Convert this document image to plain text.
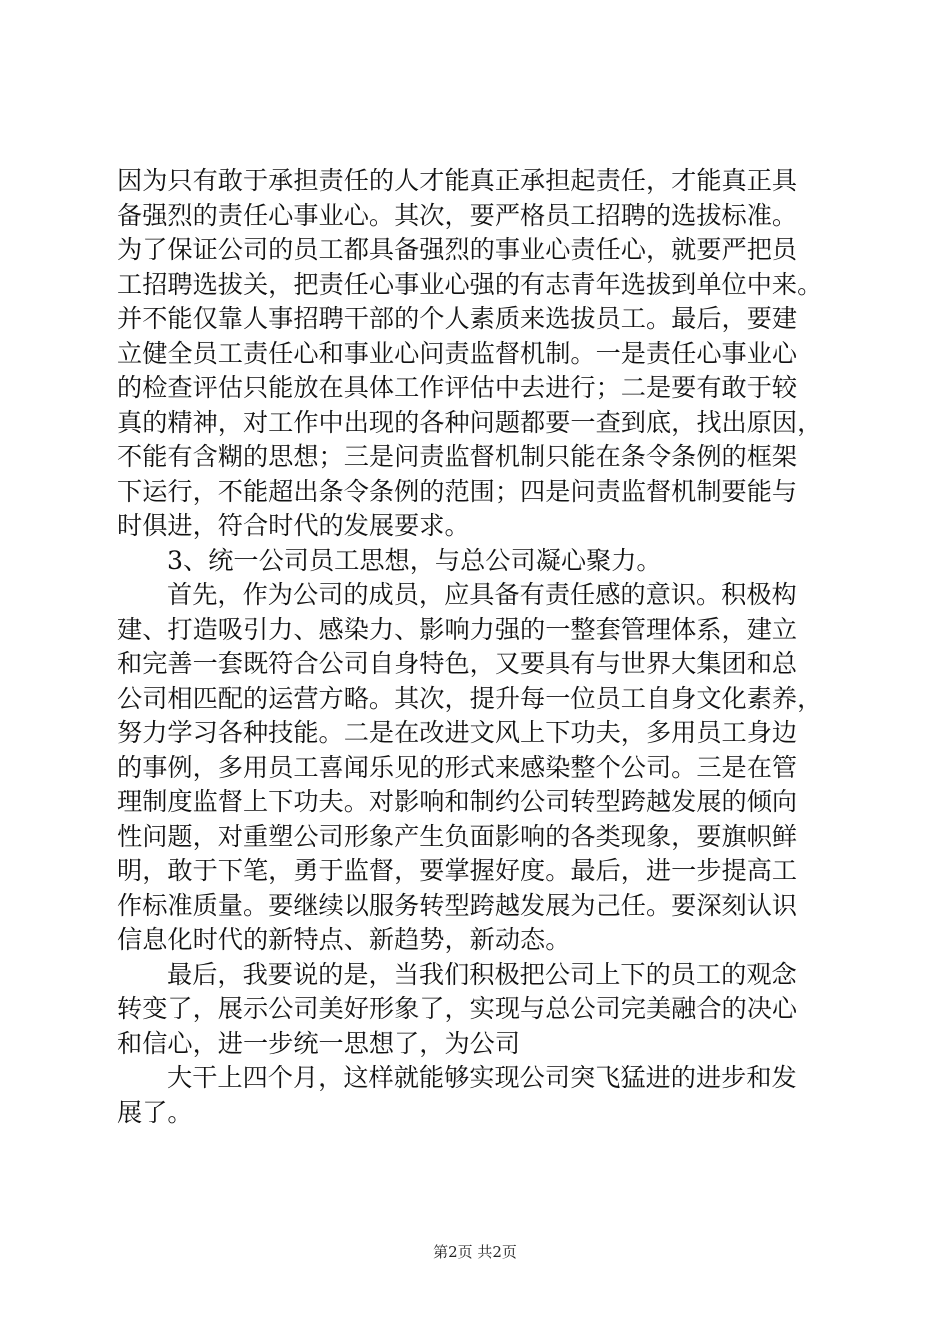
因为只有敢于承担责任的人才能真正承担起责任，才能真正具
备强烈的责任心事业心。其次，要严格员工招聘的选拔标准。
为了保证公司的员工都具备强烈的事业心责任心，就要严把员
工招聘选拔关，把责任心事业心强的有志青年选拔到单位中来。
并不能仅靠人事招聘干部的个人素质来选拔员工。最后，要建
立健全员工责任心和事业心问责监督机制。一是责任心事业心
的检查评估只能放在具体工作评估中去进行；二是要有敢于较
真的精神，对工作中出现的各种问题都要一查到底，找出原因，
不能有含糊的思想；三是问责监督机制只能在条令条例的框架
下运行，不能超出条令条例的范围；四是问责监督机制要能与
时俱进，符合时代的发展要求。
3、统一公司员工思想，与总公司凝心聚力。
首先，作为公司的成员，应具备有责任感的意识。积极构
建、打造吸引力、感染力、影响力强的一整套管理体系，建立
和完善一套既符合公司自身特色，又要具有与世界大集团和总
公司相匹配的运营方略。其次，提升每一位员工自身文化素养，
努力学习各种技能。二是在改进文风上下功夫，多用员工身边
的事例，多用员工喜闻乐见的形式来感染整个公司。三是在管
理制度监督上下功夫。对影响和制约公司转型跨越发展的倾向
性问题，对重塑公司形象产生负面影响的各类现象，要旗帜鲜
明，敢于下笔，勇于监督，要掌握好度。最后，进一步提高工
作标准质量。要继续以服务转型跨越发展为己任。要深刻认识
信息化时代的新特点、新趋势，新动态。
最后，我要说的是，当我们积极把公司上下的员工的观念
转变了，展示公司美好形象了，实现与总公司完美融合的决心
和信心，进一步统一思想了，为公司
大干上四个月，这样就能够实现公司突飞猛进的进步和发
展了。
第2页 共2页
